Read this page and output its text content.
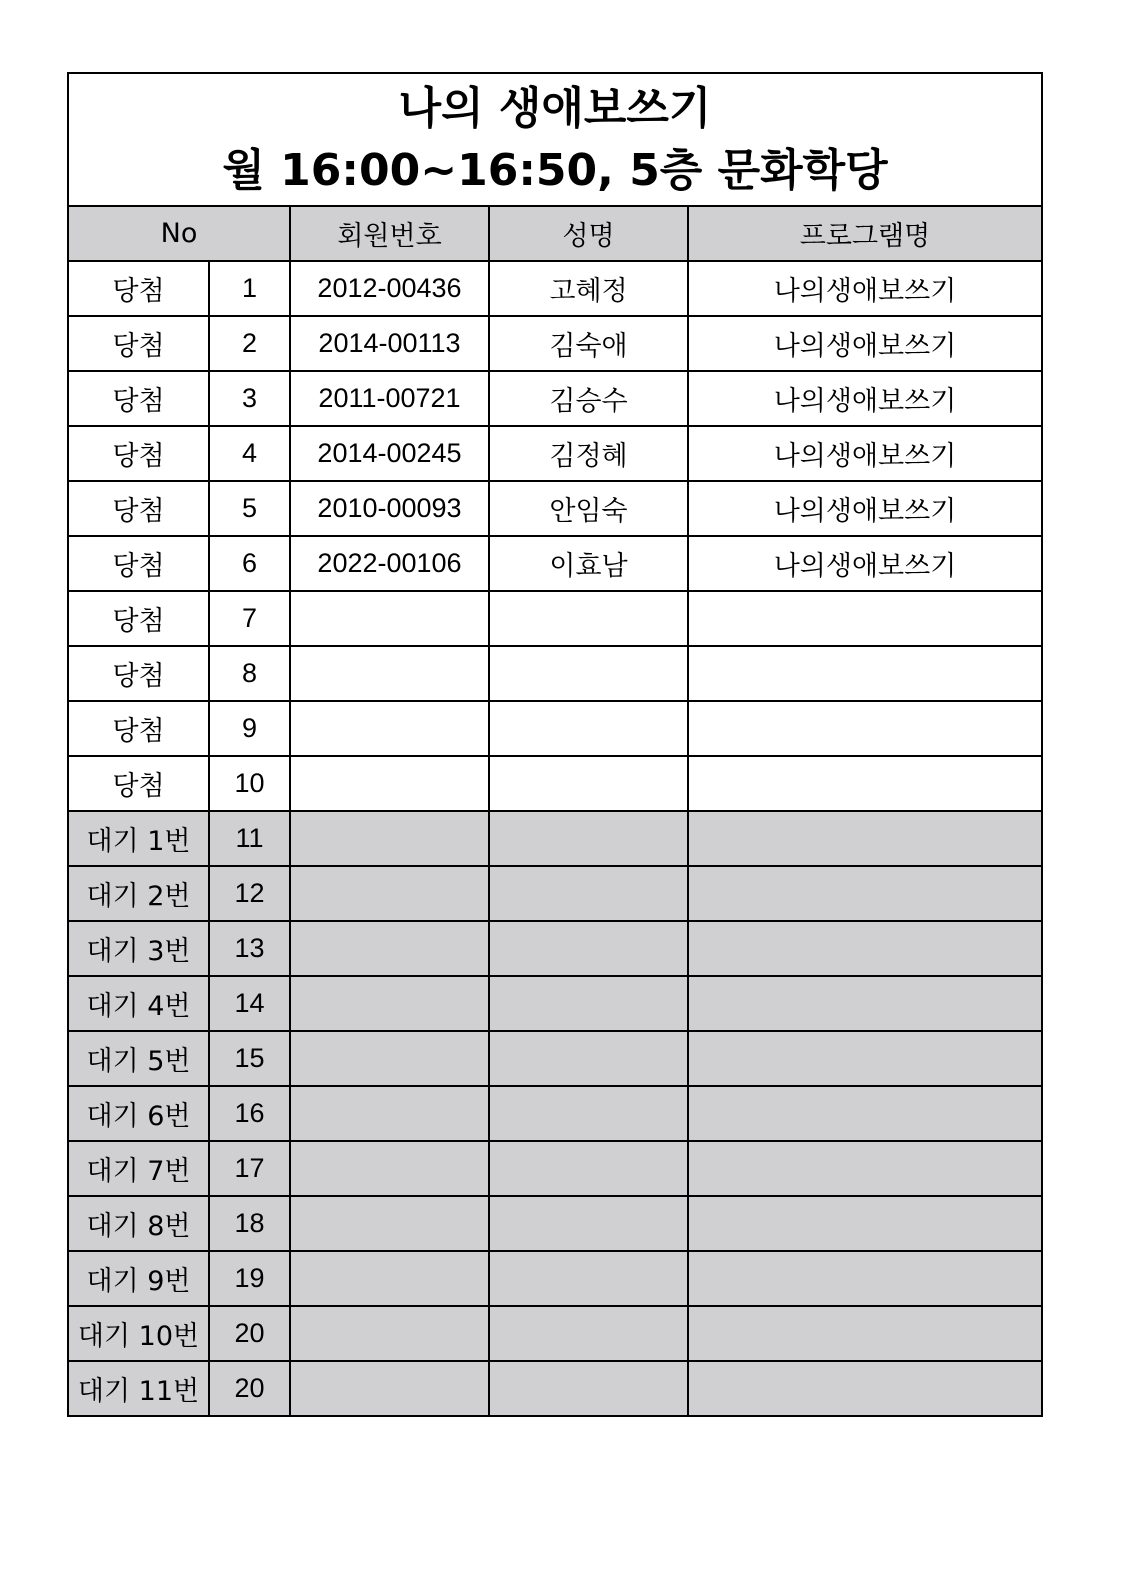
나의 생애보쓰기
월 16:00~16:50, 5층 문화학당				

No		회원번호	성명	프로그램명
당첨	1	2012-00436	고혜정	나의생애보쓰기
당첨	2	2014-00113	김숙애	나의생애보쓰기
당첨	3	2011-00721	김승수	나의생애보쓰기
당첨	4	2014-00245	김정혜	나의생애보쓰기
당첨	5	2010-00093	안임숙	나의생애보쓰기
당첨	6	2022-00106	이효남	나의생애보쓰기
당첨	7			
당첨	8			
당첨	9			
당첨	10			
대기 1번	11			
대기 2번	12			
대기 3번	13			
대기 4번	14			
대기 5번	15			
대기 6번	16			
대기 7번	17			
대기 8번	18			
대기 9번	19			
대기 10번	20			
대기 11번	20			
